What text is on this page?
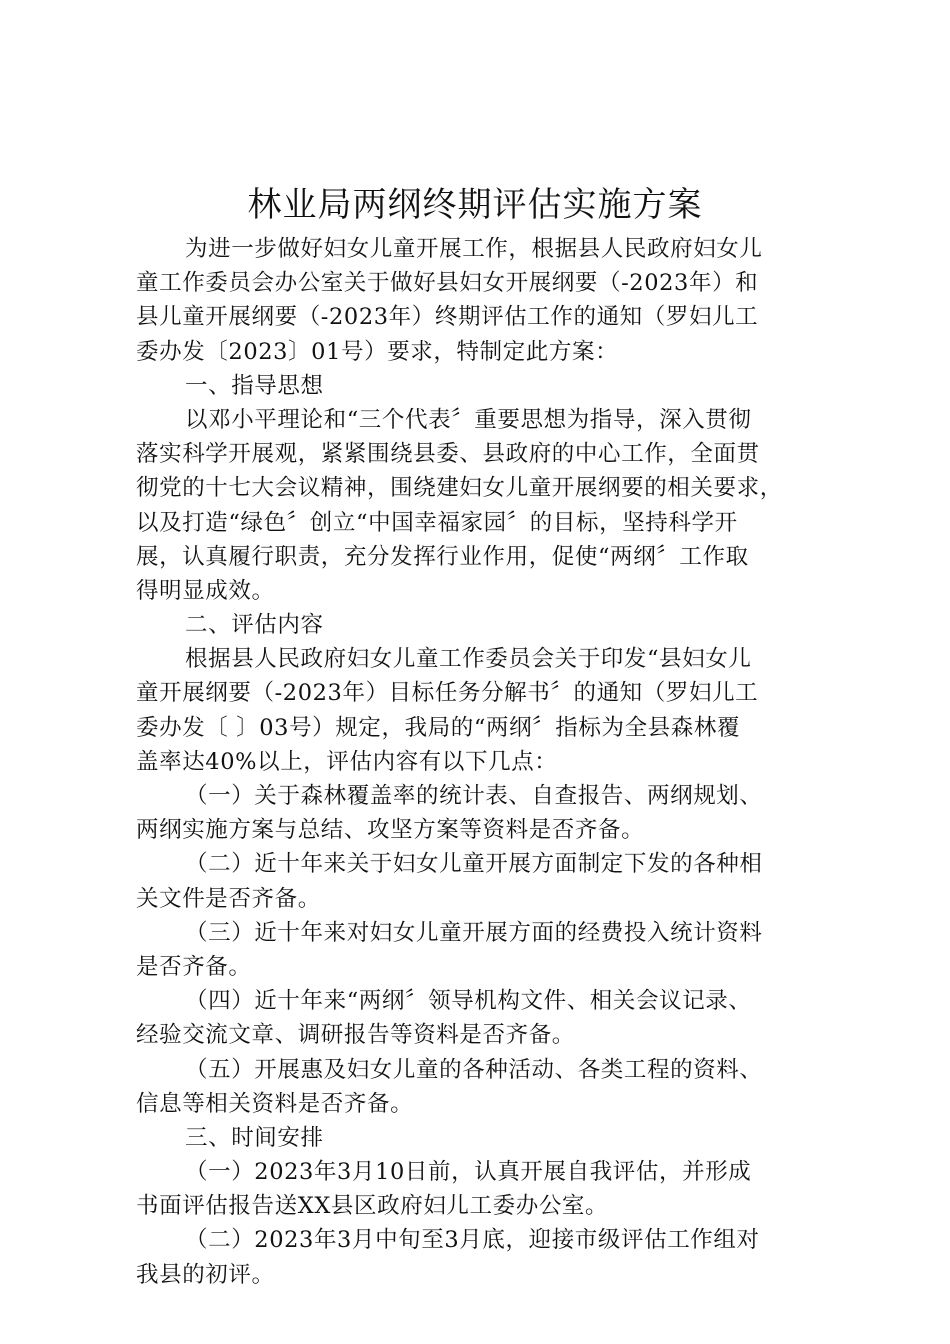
林业局两纲终期评估实施方案
为进一步做好妇女儿童开展工作，根据县人民政府妇女儿
童工作委员会办公室关于做好县妇女开展纲要（-2023年）和
县儿童开展纲要（-2023年）终期评估工作的通知（罗妇儿工
委办发〔2023〕01号）要求，特制定此方案：
一、指导思想
以邓小平理论和“三个代表〞重要思想为指导，深入贯彻
落实科学开展观，紧紧围绕县委、县政府的中心工作，全面贯
彻党的十七大会议精神，围绕建妇女儿童开展纲要的相关要求，
以及打造“绿色〞创立“中国幸福家园〞的目标，坚持科学开
展，认真履行职责，充分发挥行业作用，促使“两纲〞工作取
得明显成效。
二、评估内容
根据县人民政府妇女儿童工作委员会关于印发“县妇女儿
童开展纲要（-2023年）目标任务分解书〞的通知（罗妇儿工
委办发〔 〕03号）规定，我局的“两纲〞指标为全县森林覆
盖率达40%以上，评估内容有以下几点：
（一）关于森林覆盖率的统计表、自查报告、两纲规划、
两纲实施方案与总结、攻坚方案等资料是否齐备。
（二）近十年来关于妇女儿童开展方面制定下发的各种相
关文件是否齐备。
（三）近十年来对妇女儿童开展方面的经费投入统计资料
是否齐备。
（四）近十年来“两纲〞领导机构文件、相关会议记录、
经验交流文章、调研报告等资料是否齐备。
（五）开展惠及妇女儿童的各种活动、各类工程的资料、
信息等相关资料是否齐备。
三、时间安排
（一）2023年3月10日前，认真开展自我评估，并形成
书面评估报告送XX县区政府妇儿工委办公室。
（二）2023年3月中旬至3月底，迎接市级评估工作组对
我县的初评。
